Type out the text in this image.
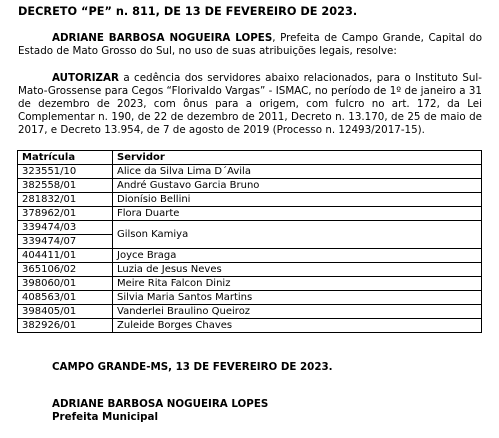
DECRETO “PE” n. 811, DE 13 DE FEVEREIRO DE 2023.
ADRIANE BARBOSA NOGUEIRA LOPES, Prefeita de Campo Grande, Capital do Estado de Mato Grosso do Sul, no uso de suas atribuições legais, resolve:
AUTORIZAR a cedência dos servidores abaixo relacionados, para o Instituto Sul-Mato-Grossense para Cegos “Florivaldo Vargas” - ISMAC, no período de 1º de janeiro a 31 de dezembro de 2023, com ônus para a origem, com fulcro no art. 172, da Lei Complementar n. 190, de 22 de dezembro de 2011, Decreto n. 13.170, de 25 de maio de 2017, e Decreto 13.954, de 7 de agosto de 2019 (Processo n. 12493/2017-15).
Matrícula	Servidor
323551/10	Alice da Silva Lima D´Avila
382558/01	André Gustavo Garcia Bruno
281832/01	Dionísio Bellini
378962/01	Flora Duarte
339474/03	Gilson Kamiya
339474/07	
404411/01	Joyce Braga
365106/02	Luzia de Jesus Neves
398060/01	Meire Rita Falcon Diniz
408563/01	Silvia Maria Santos Martins
398405/01	Vanderlei Braulino Queiroz
382926/01	Zuleide Borges Chaves
CAMPO GRANDE-MS, 13 DE FEVEREIRO DE 2023.
ADRIANE BARBOSA NOGUEIRA LOPES
Prefeita Municipal
